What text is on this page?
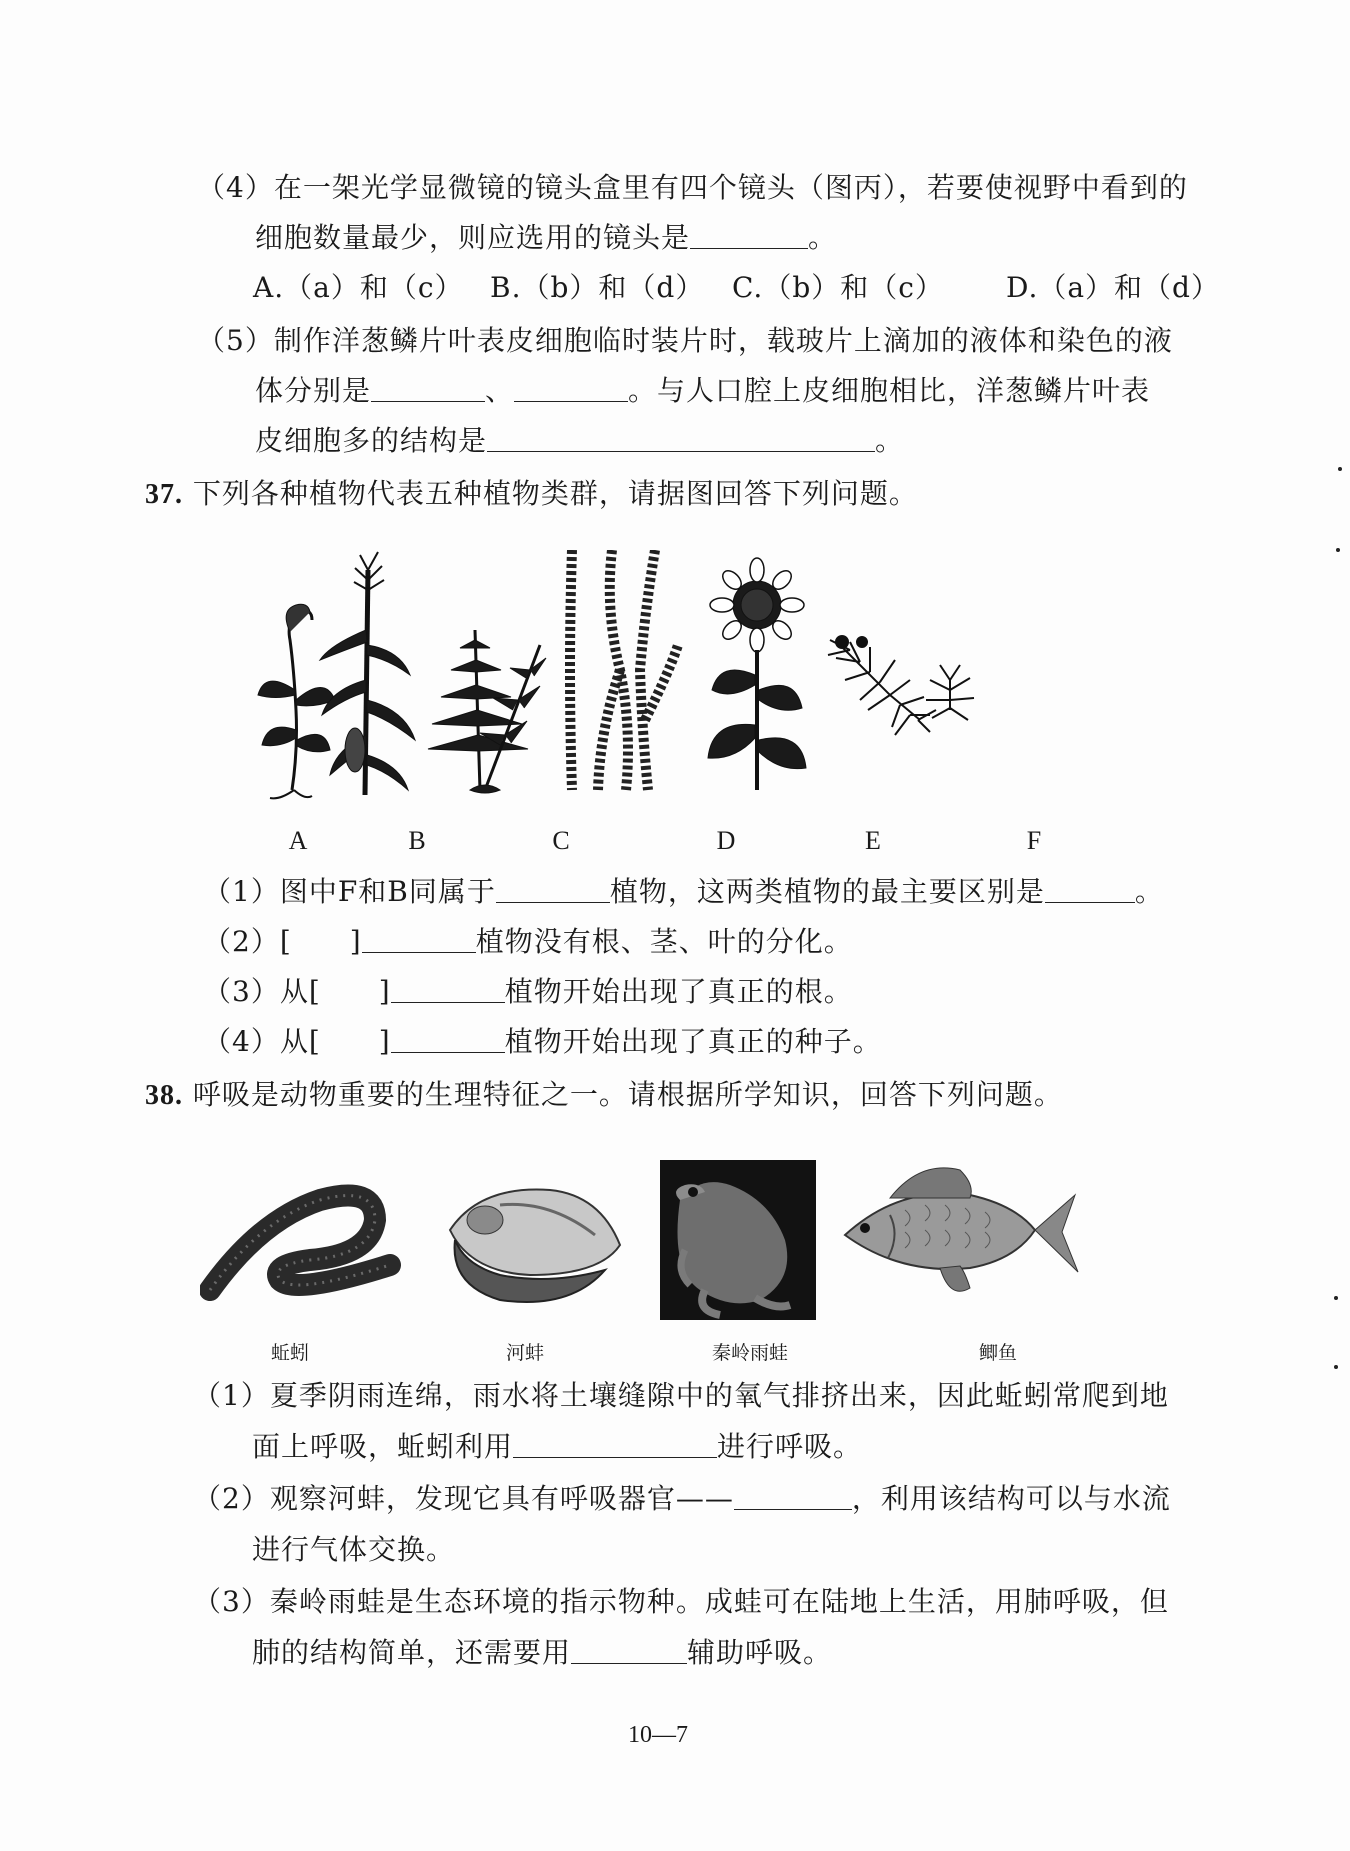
（4）在一架光学显微镜的镜头盒里有四个镜头（图丙），若要使视野中看到的
细胞数量最少，则应选用的镜头是	。
A.（a）和（c） B.（b）和（d） C.（b）和（c） D.（a）和（d）
（5）制作洋葱鳞片叶表皮细胞临时装片时，载玻片上滴加的液体和染色的液
体分别是	、	。与人口腔上皮细胞相比，洋葱鳞片叶表
皮细胞多的结构是	。
37. 下列各种植物代表五种植物类群，请据图回答下列问题。
A	B	C	D	E	F
（1）图中F和B同属于	植物，这两类植物的最主要区别是	。
（2）[ ]	植物没有根、茎、叶的分化。
（3）从[ ]	植物开始出现了真正的根。
（4）从[ ]	植物开始出现了真正的种子。
38. 呼吸是动物重要的生理特征之一。请根据所学知识，回答下列问题。
蚯蚓	河蚌	秦岭雨蛙	鲫鱼
（1）夏季阴雨连绵，雨水将土壤缝隙中的氧气排挤出来，因此蚯蚓常爬到地
面上呼吸，蚯蚓利用	进行呼吸。
（2）观察河蚌，发现它具有呼吸器官——	，利用该结构可以与水流
进行气体交换。
（3）秦岭雨蛙是生态环境的指示物种。成蛙可在陆地上生活，用肺呼吸，但
肺的结构简单，还需要用	辅助呼吸。
10—7
